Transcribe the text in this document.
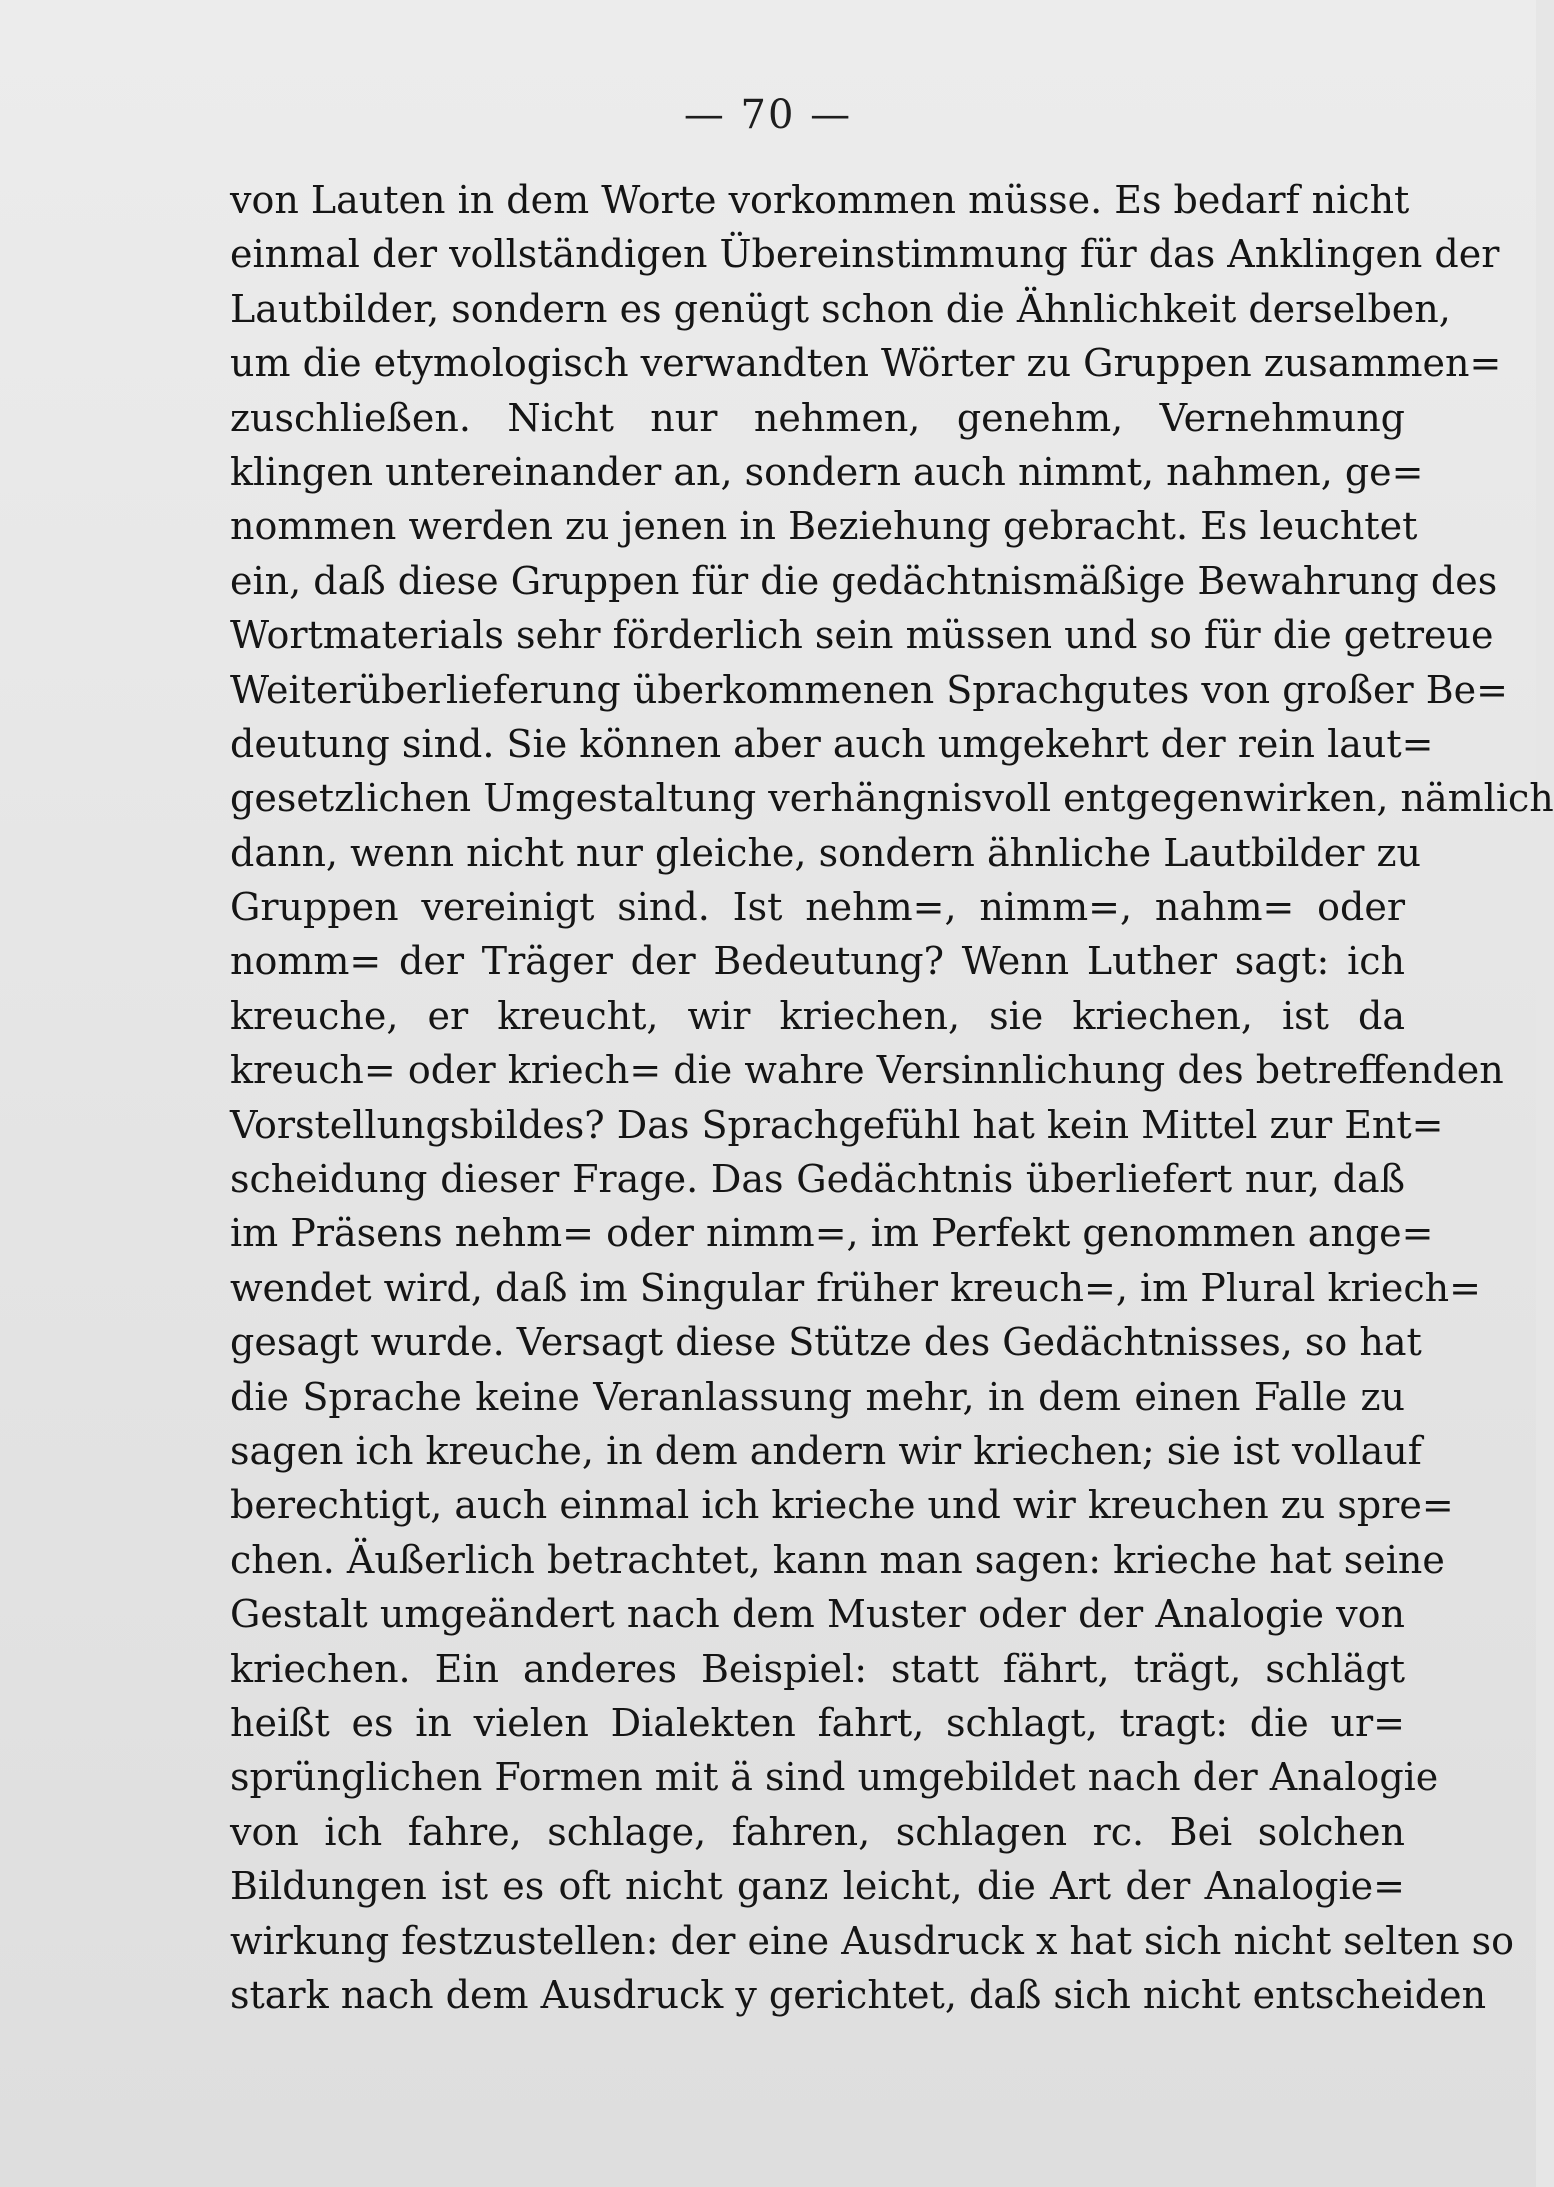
— 70 —
von Lauten in dem Worte vorkommen müsse. Es bedarf nicht
einmal der vollständigen Übereinstimmung für das Anklingen der
Lautbilder, sondern es genügt schon die Ähnlichkeit derselben,
um die etymologisch verwandten Wörter zu Gruppen zusammen=
zuschließen. Nicht nur nehmen, genehm, Vernehmung
klingen untereinander an, sondern auch nimmt, nahmen, ge=
nommen werden zu jenen in Beziehung gebracht. Es leuchtet
ein, daß diese Gruppen für die gedächtnismäßige Bewahrung des
Wortmaterials sehr förderlich sein müssen und so für die getreue
Weiterüberlieferung überkommenen Sprachgutes von großer Be=
deutung sind. Sie können aber auch umgekehrt der rein laut=
gesetzlichen Umgestaltung verhängnisvoll entgegenwirken, nämlich
dann, wenn nicht nur gleiche, sondern ähnliche Lautbilder zu
Gruppen vereinigt sind. Ist nehm=, nimm=, nahm= oder
nomm= der Träger der Bedeutung? Wenn Luther sagt: ich
kreuche, er kreucht, wir kriechen, sie kriechen, ist da
kreuch= oder kriech= die wahre Versinnlichung des betreffenden
Vorstellungsbildes? Das Sprachgefühl hat kein Mittel zur Ent=
scheidung dieser Frage. Das Gedächtnis überliefert nur, daß
im Präsens nehm= oder nimm=, im Perfekt genommen ange=
wendet wird, daß im Singular früher kreuch=, im Plural kriech=
gesagt wurde. Versagt diese Stütze des Gedächtnisses, so hat
die Sprache keine Veranlassung mehr, in dem einen Falle zu
sagen ich kreuche, in dem andern wir kriechen; sie ist vollauf
berechtigt, auch einmal ich krieche und wir kreuchen zu spre=
chen. Äußerlich betrachtet, kann man sagen: krieche hat seine
Gestalt umgeändert nach dem Muster oder der Analogie von
kriechen. Ein anderes Beispiel: statt fährt, trägt, schlägt
heißt es in vielen Dialekten fahrt, schlagt, tragt: die ur=
sprünglichen Formen mit ä sind umgebildet nach der Analogie
von ich fahre, schlage, fahren, schlagen rc. Bei solchen
Bildungen ist es oft nicht ganz leicht, die Art der Analogie=
wirkung festzustellen: der eine Ausdruck x hat sich nicht selten so
stark nach dem Ausdruck y gerichtet, daß sich nicht entscheiden
